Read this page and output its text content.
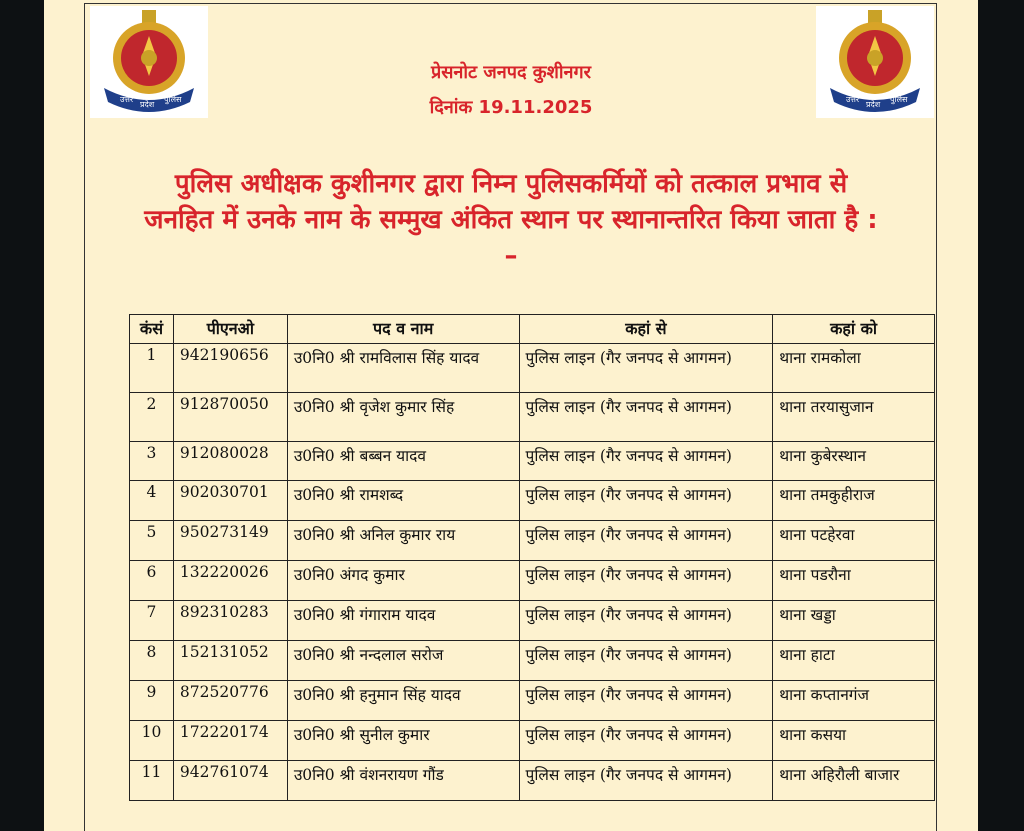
उत्तर
प्रदेश
पुलिस	उत्तर
प्रदेश
पुलिस
प्रेसनोट जनपद कुशीनगर
दिनांक 19.11.2025
पुलिस अधीक्षक कुशीनगर द्वारा निम्न पुलिसकर्मियों को तत्काल प्रभाव से जनहित में उनके नाम के सम्मुख अंकित स्थान पर स्थानान्तरित किया जाता है : –
कंसं	पीएनओ	पद व नाम	कहां से	कहां को
1	942190656	उ0नि0 श्री रामविलास सिंह यादव	पुलिस लाइन (गैर जनपद से आगमन)	थाना रामकोला
2	912870050	उ0नि0 श्री वृजेश कुमार सिंह	पुलिस लाइन (गैर जनपद से आगमन)	थाना तरयासुजान
3	912080028	उ0नि0 श्री बब्बन यादव	पुलिस लाइन (गैर जनपद से आगमन)	थाना कुबेरस्थान
4	902030701	उ0नि0 श्री रामशब्द	पुलिस लाइन (गैर जनपद से आगमन)	थाना तमकुहीराज
5	950273149	उ0नि0 श्री अनिल कुमार राय	पुलिस लाइन (गैर जनपद से आगमन)	थाना पटहेरवा
6	132220026	उ0नि0 अंगद कुमार	पुलिस लाइन (गैर जनपद से आगमन)	थाना पडरौना
7	892310283	उ0नि0 श्री गंगाराम यादव	पुलिस लाइन (गैर जनपद से आगमन)	थाना खड्डा
8	152131052	उ0नि0 श्री नन्दलाल सरोज	पुलिस लाइन (गैर जनपद से आगमन)	थाना हाटा
9	872520776	उ0नि0 श्री हनुमान सिंह यादव	पुलिस लाइन (गैर जनपद से आगमन)	थाना कप्तानगंज
10	172220174	उ0नि0 श्री सुनील कुमार	पुलिस लाइन (गैर जनपद से आगमन)	थाना कसया
11	942761074	उ0नि0 श्री वंशनरायण गौंड	पुलिस लाइन (गैर जनपद से आगमन)	थाना अहिरौली बाजार
